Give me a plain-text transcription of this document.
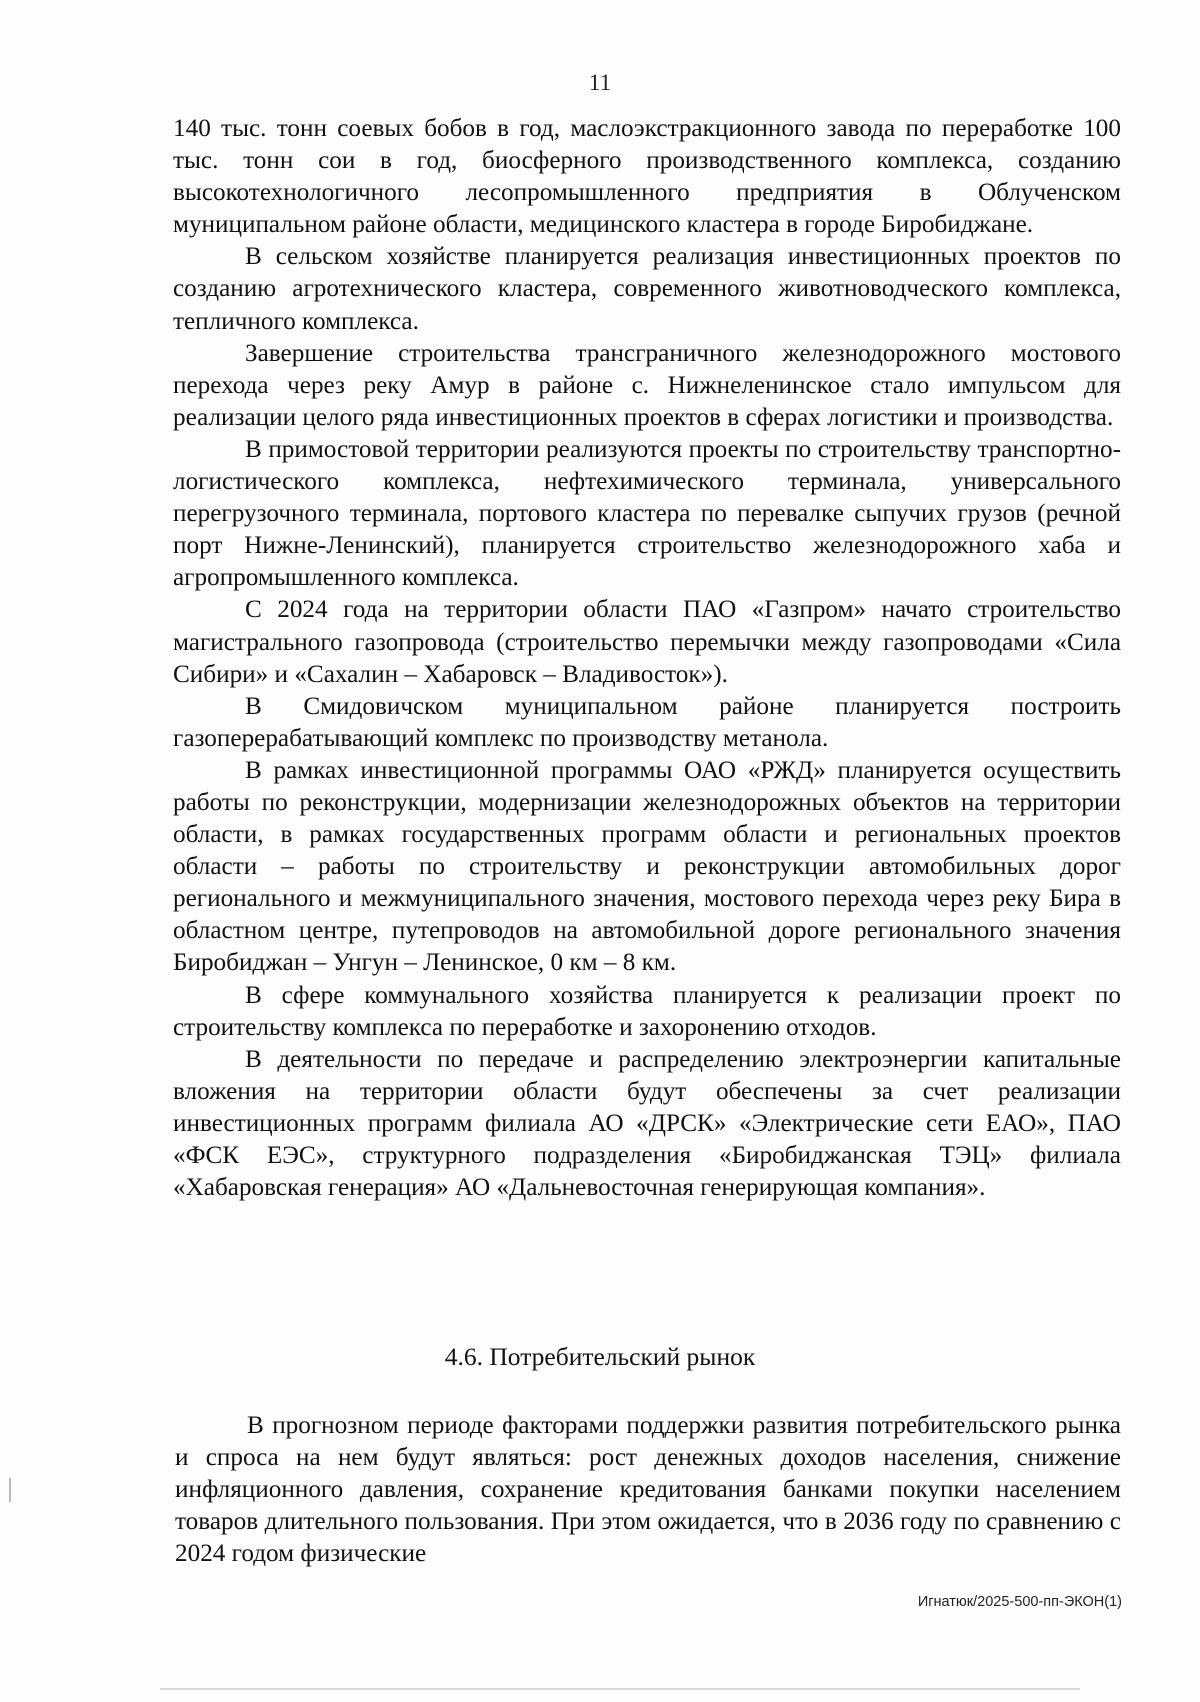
11

140 тыс. тонн соевых бобов в год, маслоэкстракционного завода по переработке 100 тыс. тонн сои в год, биосферного производственного комплекса, созданию высокотехнологичного лесопромышленного предприятия в Облученском муниципальном районе области, медицинского кластера в городе Биробиджане.

В сельском хозяйстве планируется реализация инвестиционных проектов по созданию агротехнического кластера, современного животноводческого комплекса, тепличного комплекса.

Завершение строительства трансграничного железнодорожного мостового перехода через реку Амур в районе с. Нижнеленинское стало импульсом для реализации целого ряда инвестиционных проектов в сферах логистики и производства.

В примостовой территории реализуются проекты по строительству транспортно-логистического комплекса, нефтехимического терминала, универсального перегрузочного терминала, портового кластера по перевалке сыпучих грузов (речной порт Нижне-Ленинский), планируется строительство железнодорожного хаба и агропромышленного комплекса.

С 2024 года на территории области ПАО «Газпром» начато строительство магистрального газопровода (строительство перемычки между газопроводами «Сила Сибири» и «Сахалин – Хабаровск – Владивосток»).

В Смидовичском муниципальном районе планируется построить газоперерабатывающий комплекс по производству метанола.

В рамках инвестиционной программы ОАО «РЖД» планируется осуществить работы по реконструкции, модернизации железнодорожных объектов на территории области, в рамках государственных программ области и региональных проектов области – работы по строительству и реконструкции автомобильных дорог регионального и межмуниципального значения, мостового перехода через реку Бира в областном центре, путепроводов на автомобильной дороге регионального значения Биробиджан – Унгун – Ленинское, 0 км – 8 км.

В сфере коммунального хозяйства планируется к реализации проект по строительству комплекса по переработке и захоронению отходов.

В деятельности по передаче и распределению электроэнергии капитальные вложения на территории области будут обеспечены за счет реализации инвестиционных программ филиала АО «ДРСК» «Электрические сети ЕАО», ПАО «ФСК ЕЭС», структурного подразделения «Биробиджанская ТЭЦ» филиала «Хабаровская генерация» АО «Дальневосточная генерирующая компания».

4.6. Потребительский рынок

В прогнозном периоде факторами поддержки развития потребительского рынка и спроса на нем будут являться: рост денежных доходов населения, снижение инфляционного давления, сохранение кредитования банками покупки населением товаров длительного пользования. При этом ожидается, что в 2036 году по сравнению с 2024 годом физические

Игнатюк/2025-500-пп-ЭКОН(1)
